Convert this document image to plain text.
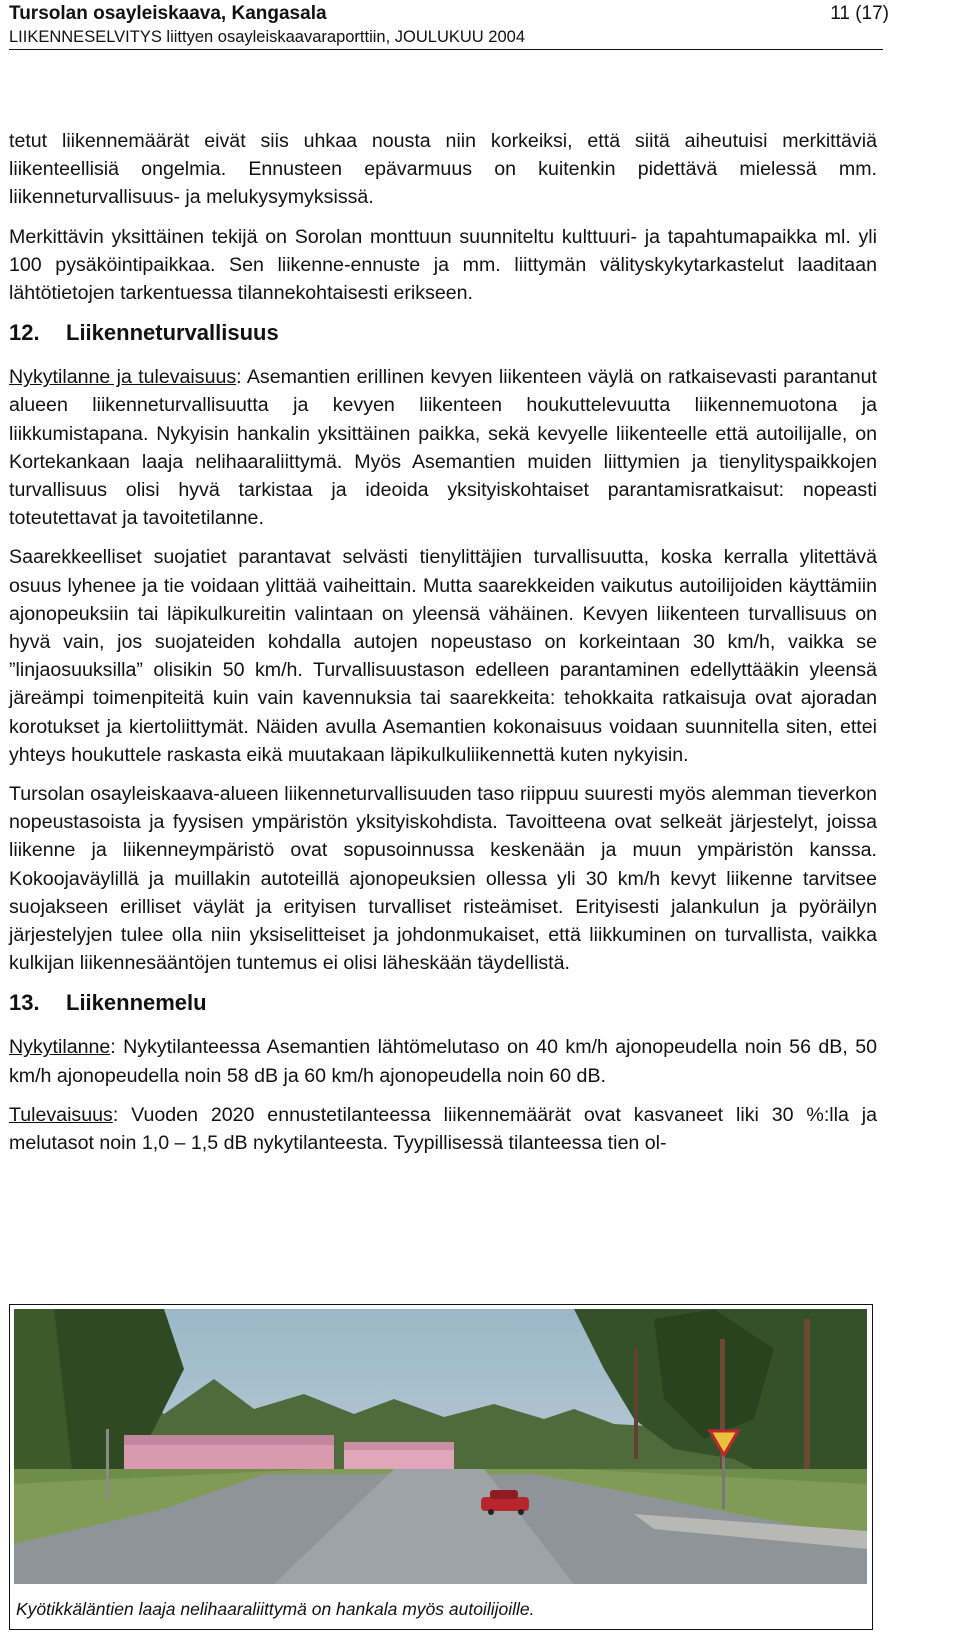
Tursolan osayleiskaava, Kangasala
LIIKENNESELVITYS liittyen osayleiskaavaraporttiin, JOULUKUU 2004
11 (17)

tetut liikennemäärät eivät siis uhkaa nousta niin korkeiksi, että siitä aiheutuisi merkittäviä liikenteellisiä ongelmia. Ennusteen epävarmuus on kuitenkin pidettävä mielessä mm. liikenneturvallisuus- ja melukysymyksissä.

Merkittävin yksittäinen tekijä on Sorolan monttuun suunniteltu kulttuuri- ja tapahtumapaikka ml. yli 100 pysäköintipaikkaa. Sen liikenne-ennuste ja mm. liittymän välityskykytarkastelut laaditaan lähtötietojen tarkentuessa tilannekohtaisesti erikseen.

12. Liikenneturvallisuus

Nykytilanne ja tulevaisuus: Asemantien erillinen kevyen liikenteen väylä on ratkaisevasti parantanut alueen liikenneturvallisuutta ja kevyen liikenteen houkuttelevuutta liikennemuotona ja liikkumistapana. Nykyisin hankalin yksittäinen paikka, sekä kevyelle liikenteelle että autoilijalle, on Kortekankaan laaja nelihaaraliittymä. Myös Asemantien muiden liittymien ja tienylityspaikkojen turvallisuus olisi hyvä tarkistaa ja ideoida yksityiskohtaiset parantamisratkaisut: nopeasti toteutettavat ja tavoitetilanne.

Saarekkeelliset suojatiet parantavat selvästi tienylittäjien turvallisuutta, koska kerralla ylitettävä osuus lyhenee ja tie voidaan ylittää vaiheittain. Mutta saarekkeiden vaikutus autoilijoiden käyttämiin ajonopeuksiin tai läpikulkureitin valintaan on yleensä vähäinen. Kevyen liikenteen turvallisuus on hyvä vain, jos suojateiden kohdalla autojen nopeustaso on korkeintaan 30 km/h, vaikka se ”linjaosuuksilla” olisikin 50 km/h. Turvallisuustason edelleen parantaminen edellyttääkin yleensä järeämpi toimenpiteitä kuin vain kavennuksia tai saarekkeita: tehokkaita ratkaisuja ovat ajoradan korotukset ja kiertoliittymät. Näiden avulla Asemantien kokonaisuus voidaan suunnitella siten, ettei yhteys houkuttele raskasta eikä muutakaan läpikulkuliikennettä kuten nykyisin.

Tursolan osayleiskaava-alueen liikenneturvallisuuden taso riippuu suuresti myös alemman tieverkon nopeustasoista ja fyysisen ympäristön yksityiskohdista. Tavoitteena ovat selkeät järjestelyt, joissa liikenne ja liikenneympäristö ovat sopusoinnussa keskenään ja muun ympäristön kanssa. Kokoojaväylillä ja muillakin autoteillä ajonopeuksien ollessa yli 30 km/h kevyt liikenne tarvitsee suojakseen erilliset väylät ja erityisen turvalliset risteämiset. Erityisesti jalankulun ja pyöräilyn järjestelyjen tulee olla niin yksiselitteiset ja johdonmukaiset, että liikkuminen on turvallista, vaikka kulkijan liikennesääntöjen tuntemus ei olisi läheskään täydellistä.

13. Liikennemelu

Nykytilanne: Nykytilanteessa Asemantien lähtömelutaso on 40 km/h ajonopeudella noin 56 dB, 50 km/h ajonopeudella noin 58 dB ja 60 km/h ajonopeudella noin 60 dB.

Tulevaisuus: Vuoden 2020 ennustetilanteessa liikennemäärät ovat kasvaneet liki 30 %:lla ja melutasot noin 1,0 – 1,5 dB nykytilanteesta. Tyypillisessä tilanteessa tien ol-

Kyötikkäläntien laaja nelihaaraliittymä on hankala myös autoilijoille.
